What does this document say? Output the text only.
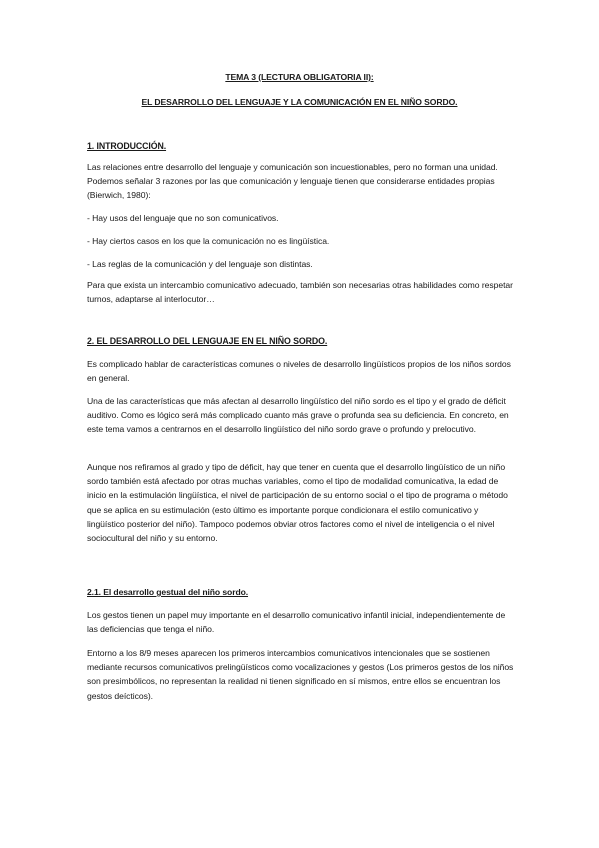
TEMA 3 (LECTURA OBLIGATORIA II):
EL DESARROLLO DEL LENGUAJE Y LA COMUNICACIÓN EN EL NIÑO SORDO.
1. INTRODUCCIÓN.

Las relaciones entre desarrollo del lenguaje y comunicación son incuestionables, pero no forman una unidad. Podemos señalar 3 razones por las que comunicación y lenguaje tienen que considerarse entidades propias (Bierwich, 1980):

- Hay usos del lenguaje que no son comunicativos.

- Hay ciertos casos en los que la comunicación no es lingüística.

- Las reglas de la comunicación y del lenguaje son distintas.

Para que exista un intercambio comunicativo adecuado, también son necesarias otras habilidades como respetar turnos, adaptarse al interlocutor…

2. EL DESARROLLO DEL LENGUAJE EN EL NIÑO SORDO.

Es complicado hablar de características comunes o niveles de desarrollo lingüísticos propios de los niños sordos en general.

Una de las características que más afectan al desarrollo lingüístico del niño sordo es el tipo y el grado de déficit auditivo. Como es lógico será más complicado cuanto más grave o profunda sea su deficiencia. En concreto, en este tema vamos a centrarnos en el desarrollo lingüístico del niño sordo grave o profundo y prelocutivo.

Aunque nos refiramos al grado y tipo de déficit, hay que tener en cuenta que el desarrollo lingüístico de un niño sordo también está afectado por otras muchas variables, como el tipo de modalidad comunicativa, la edad de inicio en la estimulación lingüística, el nivel de participación de su entorno social o el tipo de programa o método que se aplica en su estimulación (esto último es importante porque condicionara el estilo comunicativo y lingüístico posterior del niño). Tampoco podemos obviar otros factores como el nivel de inteligencia o el nivel sociocultural del niño y su entorno.

2.1. El desarrollo gestual del niño sordo.

Los gestos tienen un papel muy importante en el desarrollo comunicativo infantil inicial, independientemente de las deficiencias que tenga el niño.

Entorno a los 8/9 meses aparecen los primeros intercambios comunicativos intencionales que se sostienen mediante recursos comunicativos prelingüísticos como vocalizaciones y gestos (Los primeros gestos de los niños son presimbólicos, no representan la realidad ni tienen significado en sí mismos, entre ellos se encuentran los gestos deícticos).
